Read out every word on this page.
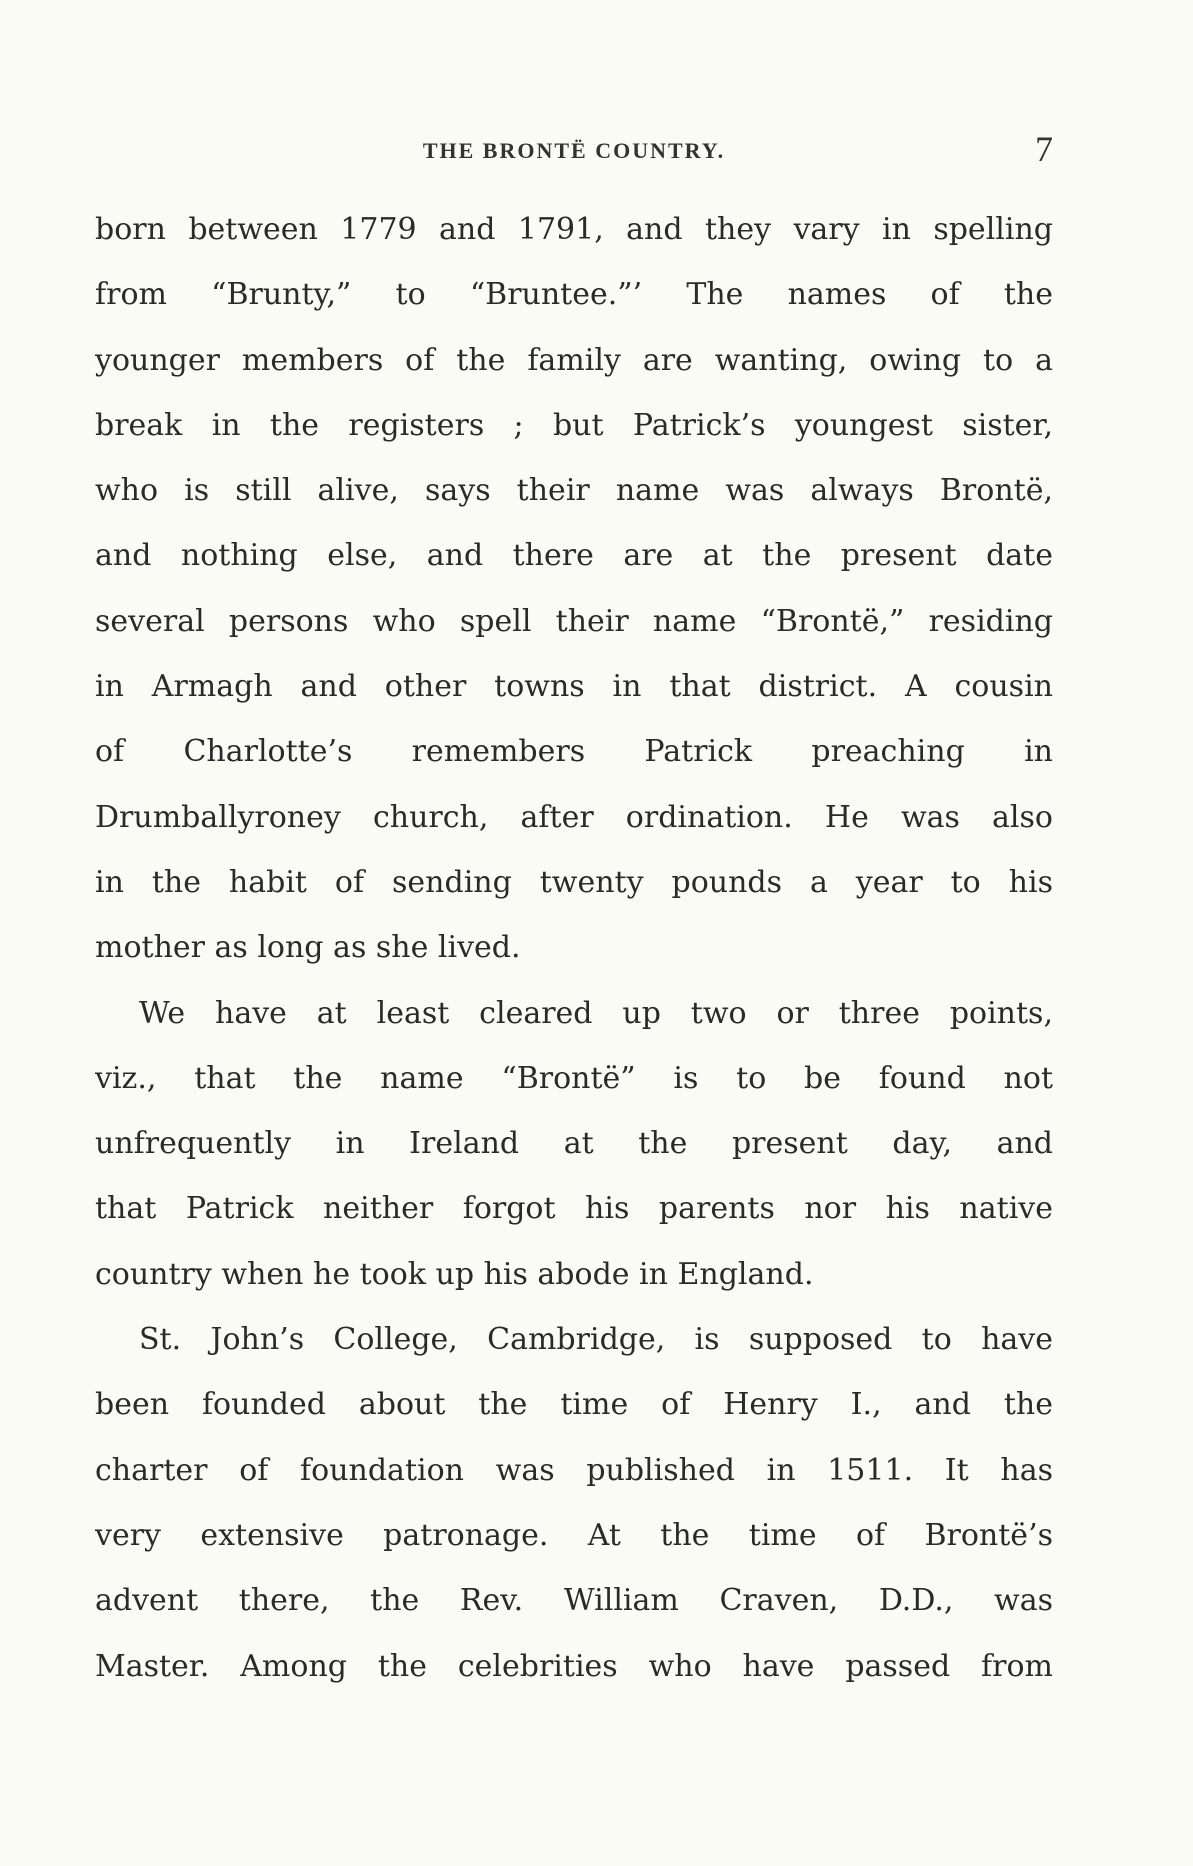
THE BRONTË COUNTRY.	7
born between 1779 and 1791, and they vary in spelling
from “Brunty,” to “Bruntee.”’ The names of the
younger members of the family are wanting, owing to a
break in the registers ; but Patrick’s youngest sister,
who is still alive, says their name was always Brontë,
and nothing else, and there are at the present date
several persons who spell their name “Brontë,” residing
in Armagh and other towns in that district. A cousin
of Charlotte’s remembers Patrick preaching in
Drumballyroney church, after ordination. He was also
in the habit of sending twenty pounds a year to his
mother as long as she lived.
We have at least cleared up two or three points,
viz., that the name “Brontë” is to be found not
unfrequently in Ireland at the present day, and
that Patrick neither forgot his parents nor his native
country when he took up his abode in England.
St. John’s College, Cambridge, is supposed to have
been founded about the time of Henry I., and the
charter of foundation was published in 1511. It has
very extensive patronage. At the time of Brontë’s
advent there, the Rev. William Craven, D.D., was
Master. Among the celebrities who have passed from
